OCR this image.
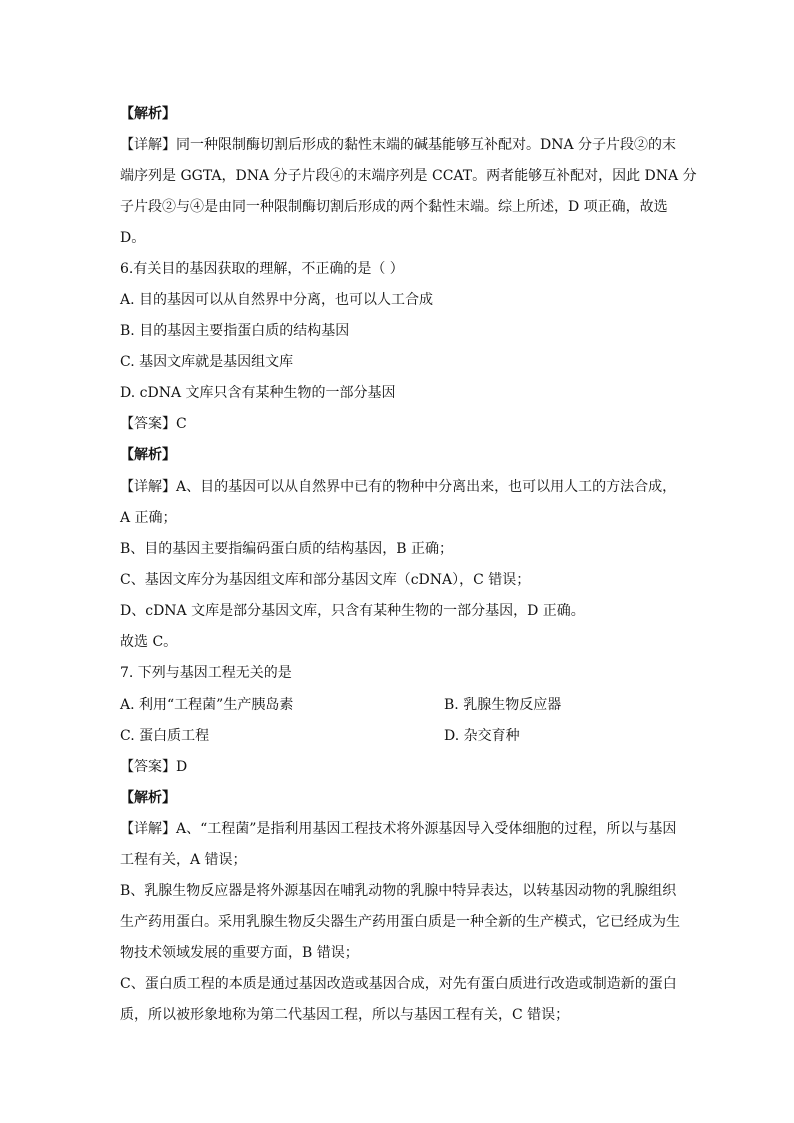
【解析】
【详解】同一种限制酶切割后形成的黏性末端的碱基能够互补配对。DNA 分子片段②的末
端序列是 GGTA，DNA 分子片段④的末端序列是 CCAT。两者能够互补配对，因此 DNA 分
子片段②与④是由同一种限制酶切割后形成的两个黏性末端。综上所述，D 项正确，故选
D。
6.有关目的基因获取的理解，不正确的是（ ）
A. 目的基因可以从自然界中分离，也可以人工合成
B. 目的基因主要指蛋白质的结构基因
C. 基因文库就是基因组文库
D. cDNA 文库只含有某种生物的一部分基因
【答案】C
【解析】
【详解】A、目的基因可以从自然界中已有的物种中分离出来，也可以用人工的方法合成，
A 正确；
B、目的基因主要指编码蛋白质的结构基因，B 正确；
C、基因文库分为基因组文库和部分基因文库（cDNA），C 错误；
D、cDNA 文库是部分基因文库，只含有某种生物的一部分基因，D 正确。
故选 C。
7. 下列与基因工程无关的是
A. 利用“工程菌”生产胰岛素	B. 乳腺生物反应器
C. 蛋白质工程	D. 杂交育种
【答案】D
【解析】
【详解】A、“工程菌”是指利用基因工程技术将外源基因导入受体细胞的过程，所以与基因
工程有关，A 错误；
B、乳腺生物反应器是将外源基因在哺乳动物的乳腺中特异表达，以转基因动物的乳腺组织
生产药用蛋白。采用乳腺生物反尖器生产药用蛋白质是一种全新的生产模式，它已经成为生
物技术领域发展的重要方面，B 错误；
C、蛋白质工程的本质是通过基因改造或基因合成，对先有蛋白质进行改造或制造新的蛋白
质，所以被形象地称为第二代基因工程，所以与基因工程有关，C 错误；
